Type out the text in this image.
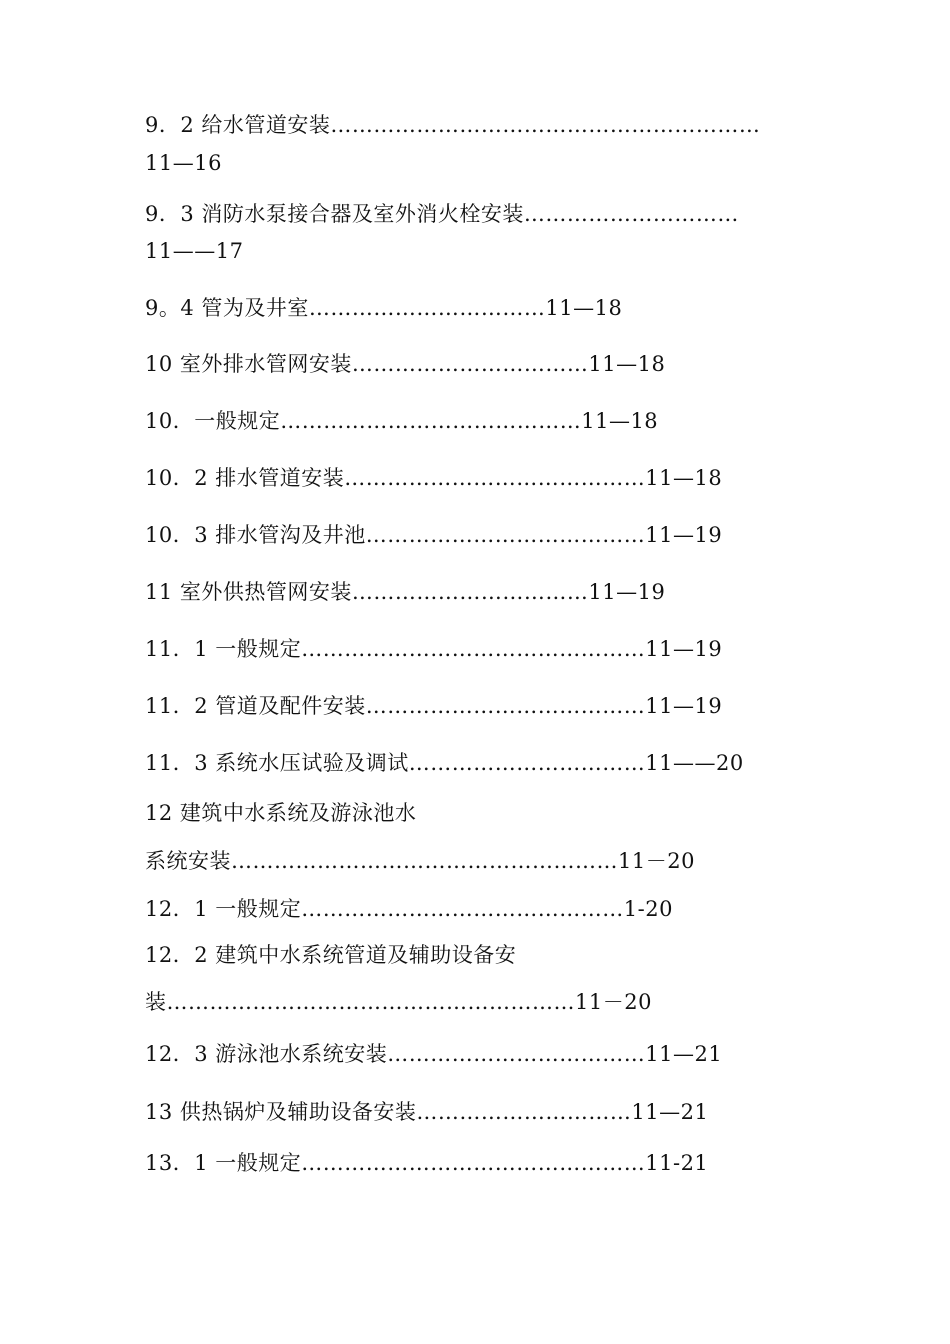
9．2 给水管道安装……………………………………………………
11—16
9．3 消防水泵接合器及室外消火栓安装…………………………
11——17
9。4 管为及井室……………………………11—18
10 室外排水管网安装……………………………11—18
10．一般规定……………………………………11—18
10．2 排水管道安装……………………………………11—18
10．3 排水管沟及井池…………………………………11—19
11 室外供热管网安装……………………………11—19
11．1 一般规定…………………………………………11—19
11．2 管道及配件安装…………………………………11—19
11．3 系统水压试验及调试……………………………11——20
12 建筑中水系统及游泳池水
系统安装………………………………………………11－20
12．1 一般规定………………………………………1-20
12．2 建筑中水系统管道及辅助设备安
装…………………………………………………11－20
12．3 游泳池水系统安装………………………………11—21
13 供热锅炉及辅助设备安装…………………………11—21
13．1 一般规定…………………………………………11-21
